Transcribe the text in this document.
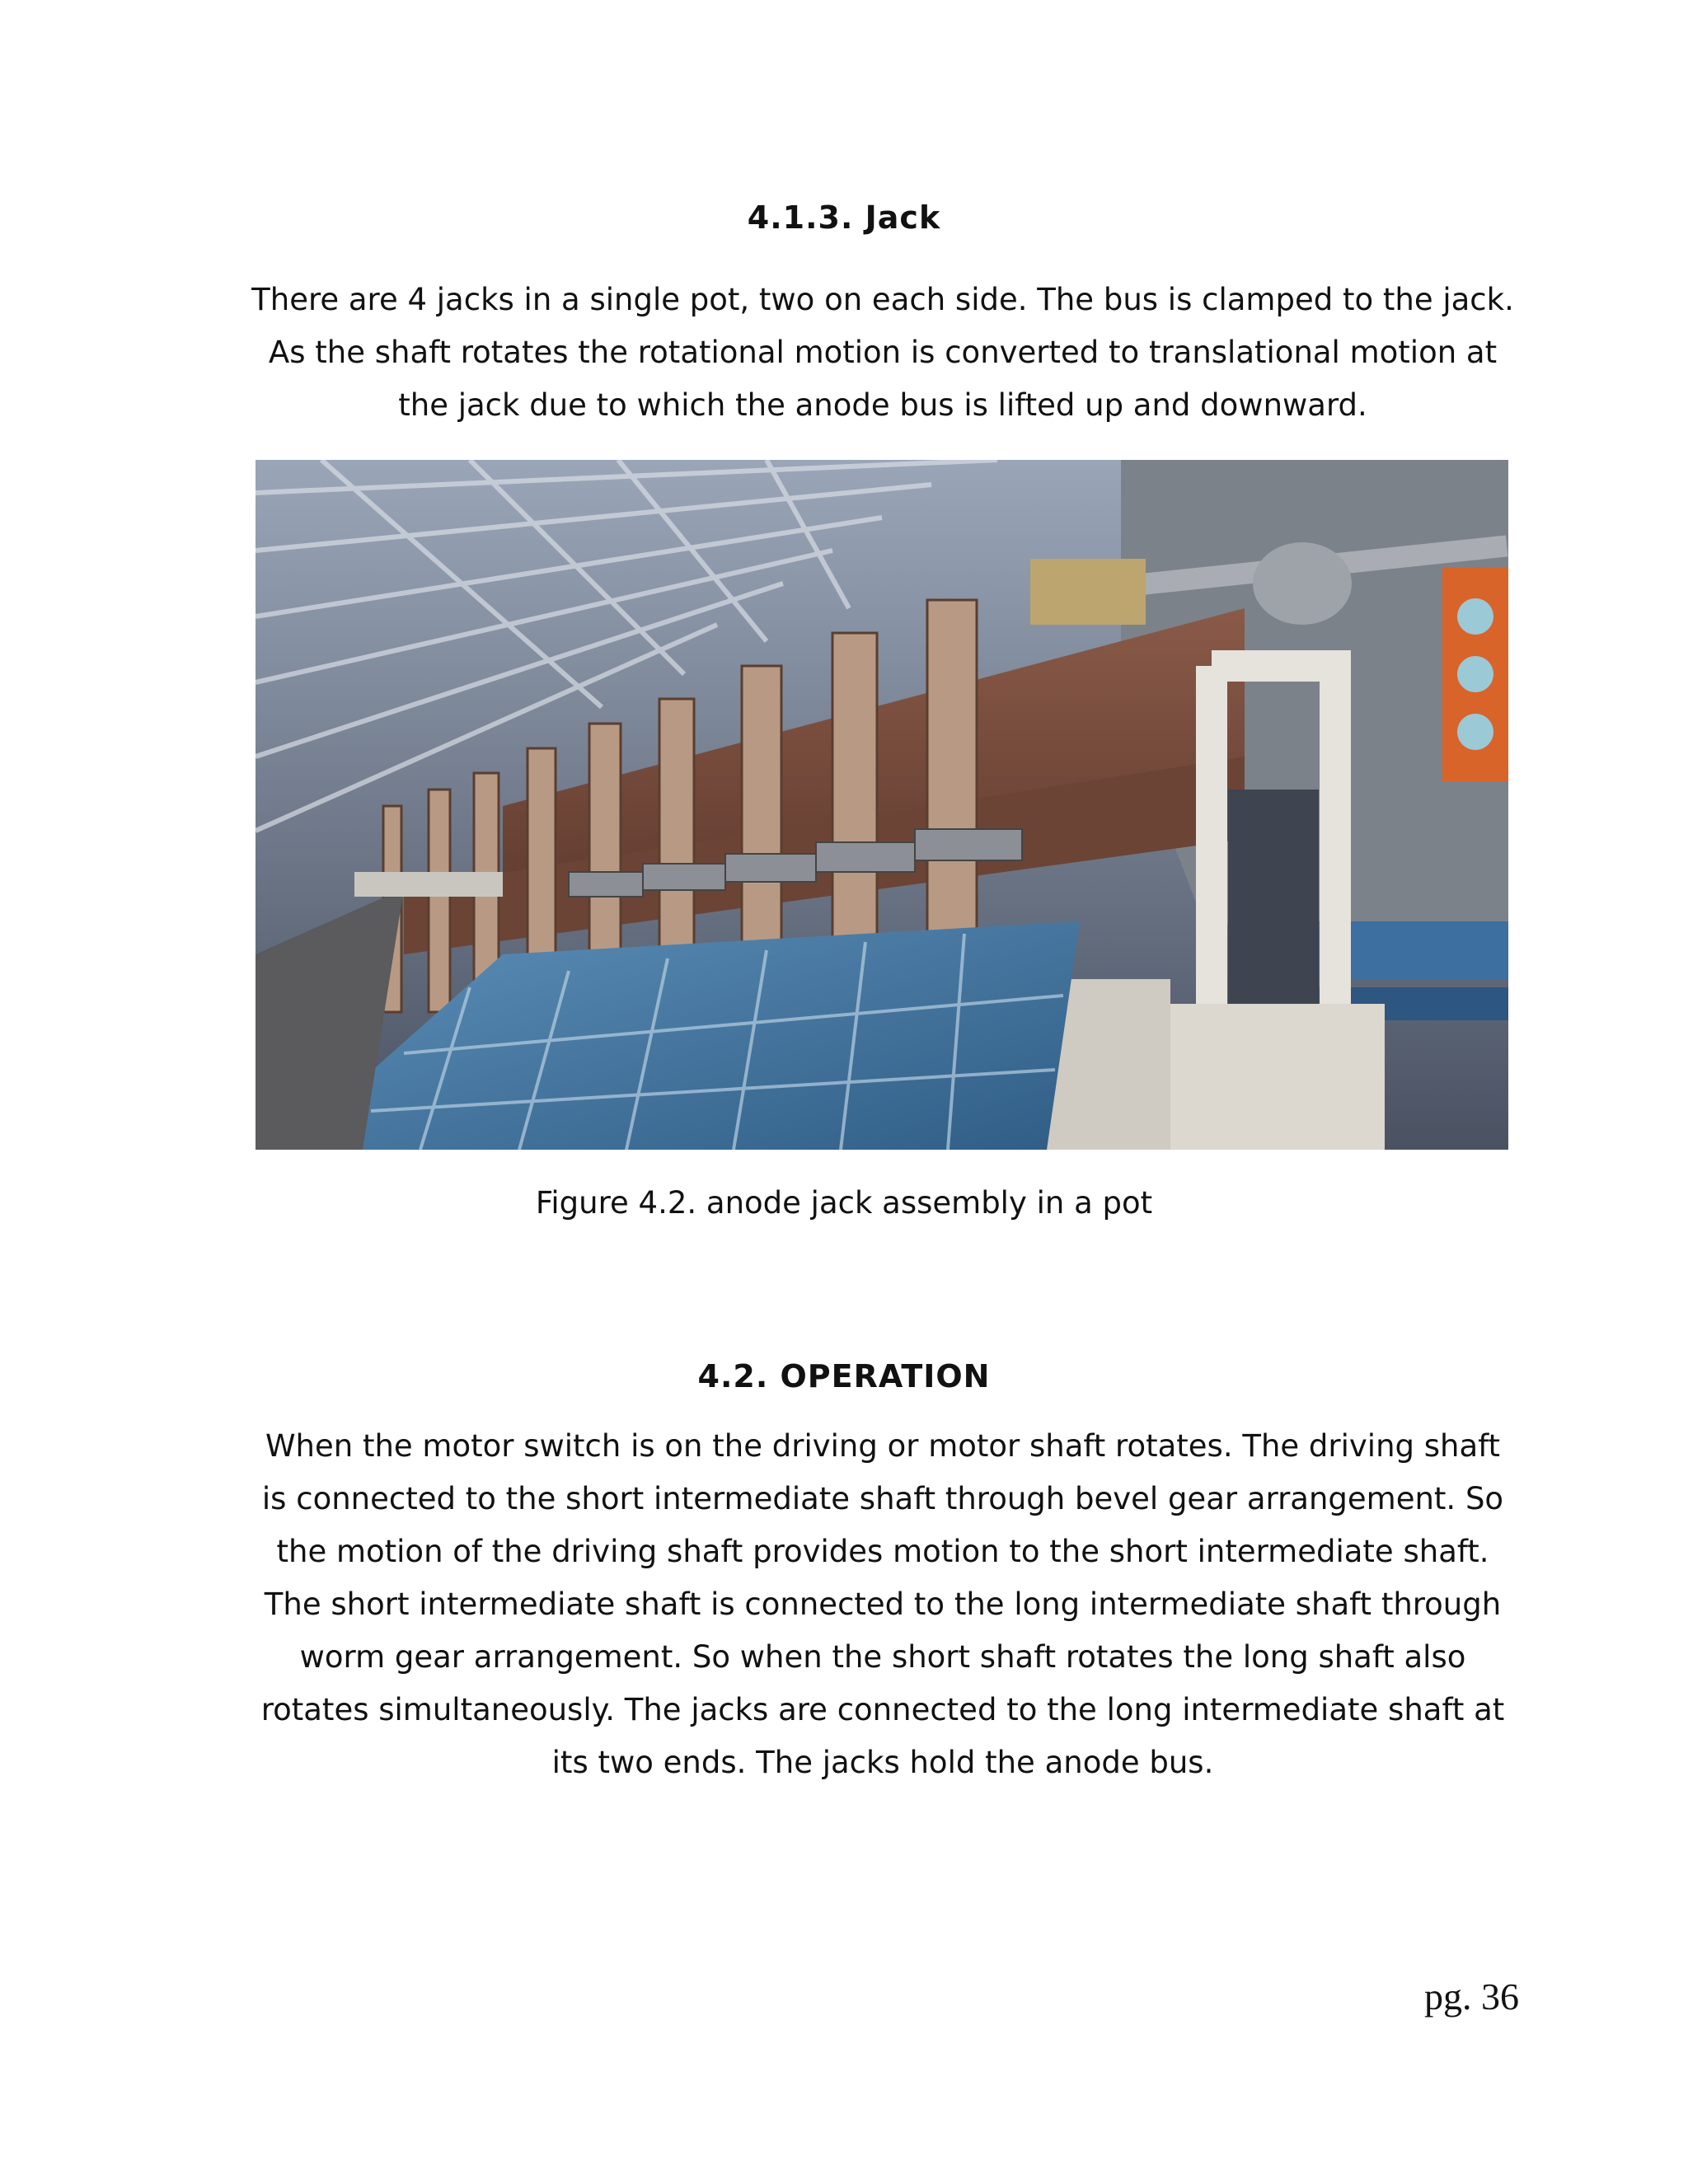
4.1.3. Jack
There are 4 jacks in a single pot, two on each side. The bus is clamped to the jack. As the shaft rotates the rotational motion is converted to translational motion at the jack due to which the anode bus is lifted up and downward.
Figure 4.2. anode jack assembly in a pot
4.2. OPERATION
When the motor switch is on the driving or motor shaft rotates. The driving shaft is connected to the short intermediate shaft through bevel gear arrangement. So the motion of the driving shaft provides motion to the short intermediate shaft. The short intermediate shaft is connected to the long intermediate shaft through worm gear arrangement. So when the short shaft rotates the long shaft also rotates simultaneously. The jacks are connected to the long intermediate shaft at its two ends. The jacks hold the anode bus.
pg. 36
